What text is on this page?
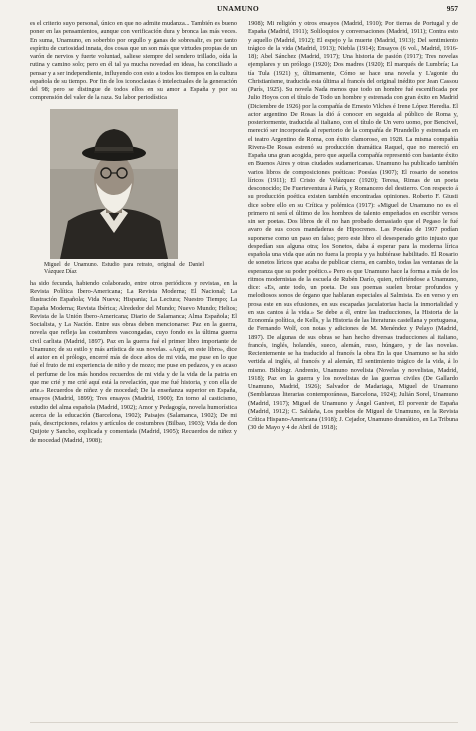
UNAMUNO	957

es el criterio suyo personal, único en que no admite mudanza... También es bueno poner en las pensamientos, aunque con verificación dura y bronca las más veces. En suma, Unamuno, en soberbio por orgullo y ganas de sobresalir, es por tanto espíritu de curiosidad innata, dos cosas que un son más que virtudes propias de un varón de nervios y fuerte voluntad, saliese siempre del sendero trillado, oída la rutina y camino solo; pero en él tal ya mucha novedad en ideas, ha conciliado a pensar y a ser independiente, influyendo con esto a todos los tiempos en la cultura española de su tiempo. Por fin de los iconoclastas ó intelectuales de la generación del 98; pero se distingue de todos ellos en su amor a España y por su comprensión del valer de la raza. Su labor periodística

Miguel de Unamuno. Estudio para retrato, original de Daniel Vázquez Díaz

ha sido fecunda, habiendo colaborado, entre otros periódicos y revistas, en la Revista Política Ibero-Americana; La Revista Moderna; El Nacional; La Ilustración Española; Vida Nueva; Hispania; La Lectura; Nuestro Tiempo; La España Moderna; Revista Ibérica; Alrededor del Mundo; Nuevo Mundo; Helios; Revista de la Unión Ibero-Americana; Diario de Salamanca; Alma Española; El Socialista, y La Nación. Entre sus obras deben mencionarse: Paz en la guerra, novela que refleja las costumbres vascongadas, cuyo fondo es la última guerra civil carlista (Madrid, 1897). Paz en la guerra fué el primer libro importante de Unamuno; de su estilo y más artística de sus novelas. «Aquí, en este libro», dice el autor en el prólogo, encerré más de doce años de mi vida, me puse en lo que fué el fruto de mi experiencia de niño y de mozo; me puse en pedazos, y es acaso el perfume de los más hondos recuerdos de mi vida y de la vida de la patria en que me crié y me crié aquí está la revelación, que me fué historia, y con ella de arte.» Recuerdos de niñez y de mocedad; De la enseñanza superior en España, ensayos (Madrid, 1899); Tres ensayos (Madrid, 1900); En torno al casticismo, estudio del alma española (Madrid, 1902); Amor y Pedagogía, novela humorística acerca de la educación (Barcelona, 1902); Paisajes (Salamanca, 1902); De mi país, descripciones, relatos y artículos de costumbres (Bilbao, 1903); Vida de don Quijote y Sancho, explicada y comentada (Madrid, 1905); Recuerdos de niñez y de mocedad (Madrid, 1908);

1908); Mi religión y otros ensayos (Madrid, 1910); Por tierras de Portugal y de España (Madrid, 1911); Soliloquios y conversaciones (Madrid, 1911); Contra esto y aquello (Madrid, 1912); El espejo y la muerte (Madrid, 1913); Del sentimiento trágico de la vida (Madrid, 1913); Niebla (1914); Ensayos (6 vol., Madrid, 1916-18); Abel Sánchez (Madrid, 1917); Una historia de pasión (1917); Tres novelas ejemplares y un prólogo (1920); Dos madres (1920); El marqués de Lumbría; La tía Tula (1921) y, últimamente, Cómo se hace una novela y L'agonie du Christianisme, traducida esta última al francés del original inédito por Jean Cassou (París, 1925). Su novela Nada menos que todo un hombre fué escenificada por Julio Hoyos con el título de Todo un hombre y estrenada con gran éxito en Madrid (Diciembre de 1926) por la compañía de Ernesto Vilches é Irene López Heredia. El actor argentino De Rosas la dió á conocer en seguida al público de Roma y, posteriormente, traducida al italiano, con el título de Un vero uomo, por Bencivel, mereció ser incorporada al repertorio de la compañía de Pirandello y estrenada en el teatro Argentino de Roma, con éxito clamoroso, en 1928. La misma compañía Rivera-De Rosas estrenó su producción dramática Raquel, que no mereció en España una gran acogida, pero que aquella compañía representó con bastante éxito en Buenos Aires y otras ciudades sudamericanas. Unamuno ha publicado también varios libros de composiciones poéticas: Poesías (1907); El rosario de sonetos líricos (1911); El Cristo de Velázquez (1920); Teresa, Rimas de un poeta desconocido; De Fuerteventura á París, y Romancero del destierro. Con respecto á su producción poética existen también encontradas opiniones. Roberto F. Giusti dice sobre ello en su Crítica y polémica (1917): «Miguel de Unamuno no es el primero ni será el último de los hombres de talento empeñados en escribir versos sin ser poetas. Dos libros de él no han probado demasiado que el Pegaso le fué avaro de sus coces mandaderas de Hipocrenes. Las Poesías de 1907 podían suponerse como un paso en falso; pero este libro el desesperado grito injusto que despedían sus alguna otra; los Sonetos, daba á esperar para la moderna lírica española una vida que aún no fuera la propia y ya hubiérase habilitado. El Rosario de sonetos líricos que acaba de publicar cierra, en cambio, todas las ventanas de la esperanza que su poder poético.» Pero es que Unamuno hace la forma a más de los ritmos modernistas de la escuela de Rubén Darío, quien, refiriéndose a Unamuno, dice: «Es, ante todo, un poeta. De sus poemas suelen brotar profundos y melodiosos sonos de órgano que hablaran especiales al Salmista. Es en verso y en prosa este en sus efusiones, en sus escapadas jaculatorias hacia la inmortalidad y en sus cantos á la vida.» Se debe a él, entre las traducciones, la Historia de la Economía política, de Kells, y la Historia de las literaturas castellana y portuguesa, de Fernando Wolf, con notas y adiciones de M. Menéndez y Pelayo (Madrid, 1897). De algunas de sus obras se han hecho diversas traducciones al italiano, francés, inglés, holandés, sueco, alemán, ruso, húngaro, y de las novelas. Recientemente se ha traducido al francés la obra En la que Unamuno se ha sido vertida al inglés, al francés y al alemán, El sentimiento trágico de la vida, á lo mismo. Bibliogr. Andrenio, Unamuno novelista (Novelas y novelistas, Madrid, 1918); Paz en la guerra y los novelistas de las guerras civiles (De Gallardo Unamuno, Madrid, 1926); Salvador de Madariaga, Miguel de Unamuno (Semblanzas literarias contemporáneas, Barcelona, 1924); Julián Sorel, Unamuno (Madrid, 1917); Miguel de Unamuno y Ángel Ganivet, El porvenir de España (Madrid, 1912); C. Saldaña, Los pueblos de Miguel de Unamuno, en la Revista Crítica Hispano-Americana (1918); J. Cejador, Unamuno dramático, en La Tribuna (30 de Mayo y 4 de Abril de 1918);
